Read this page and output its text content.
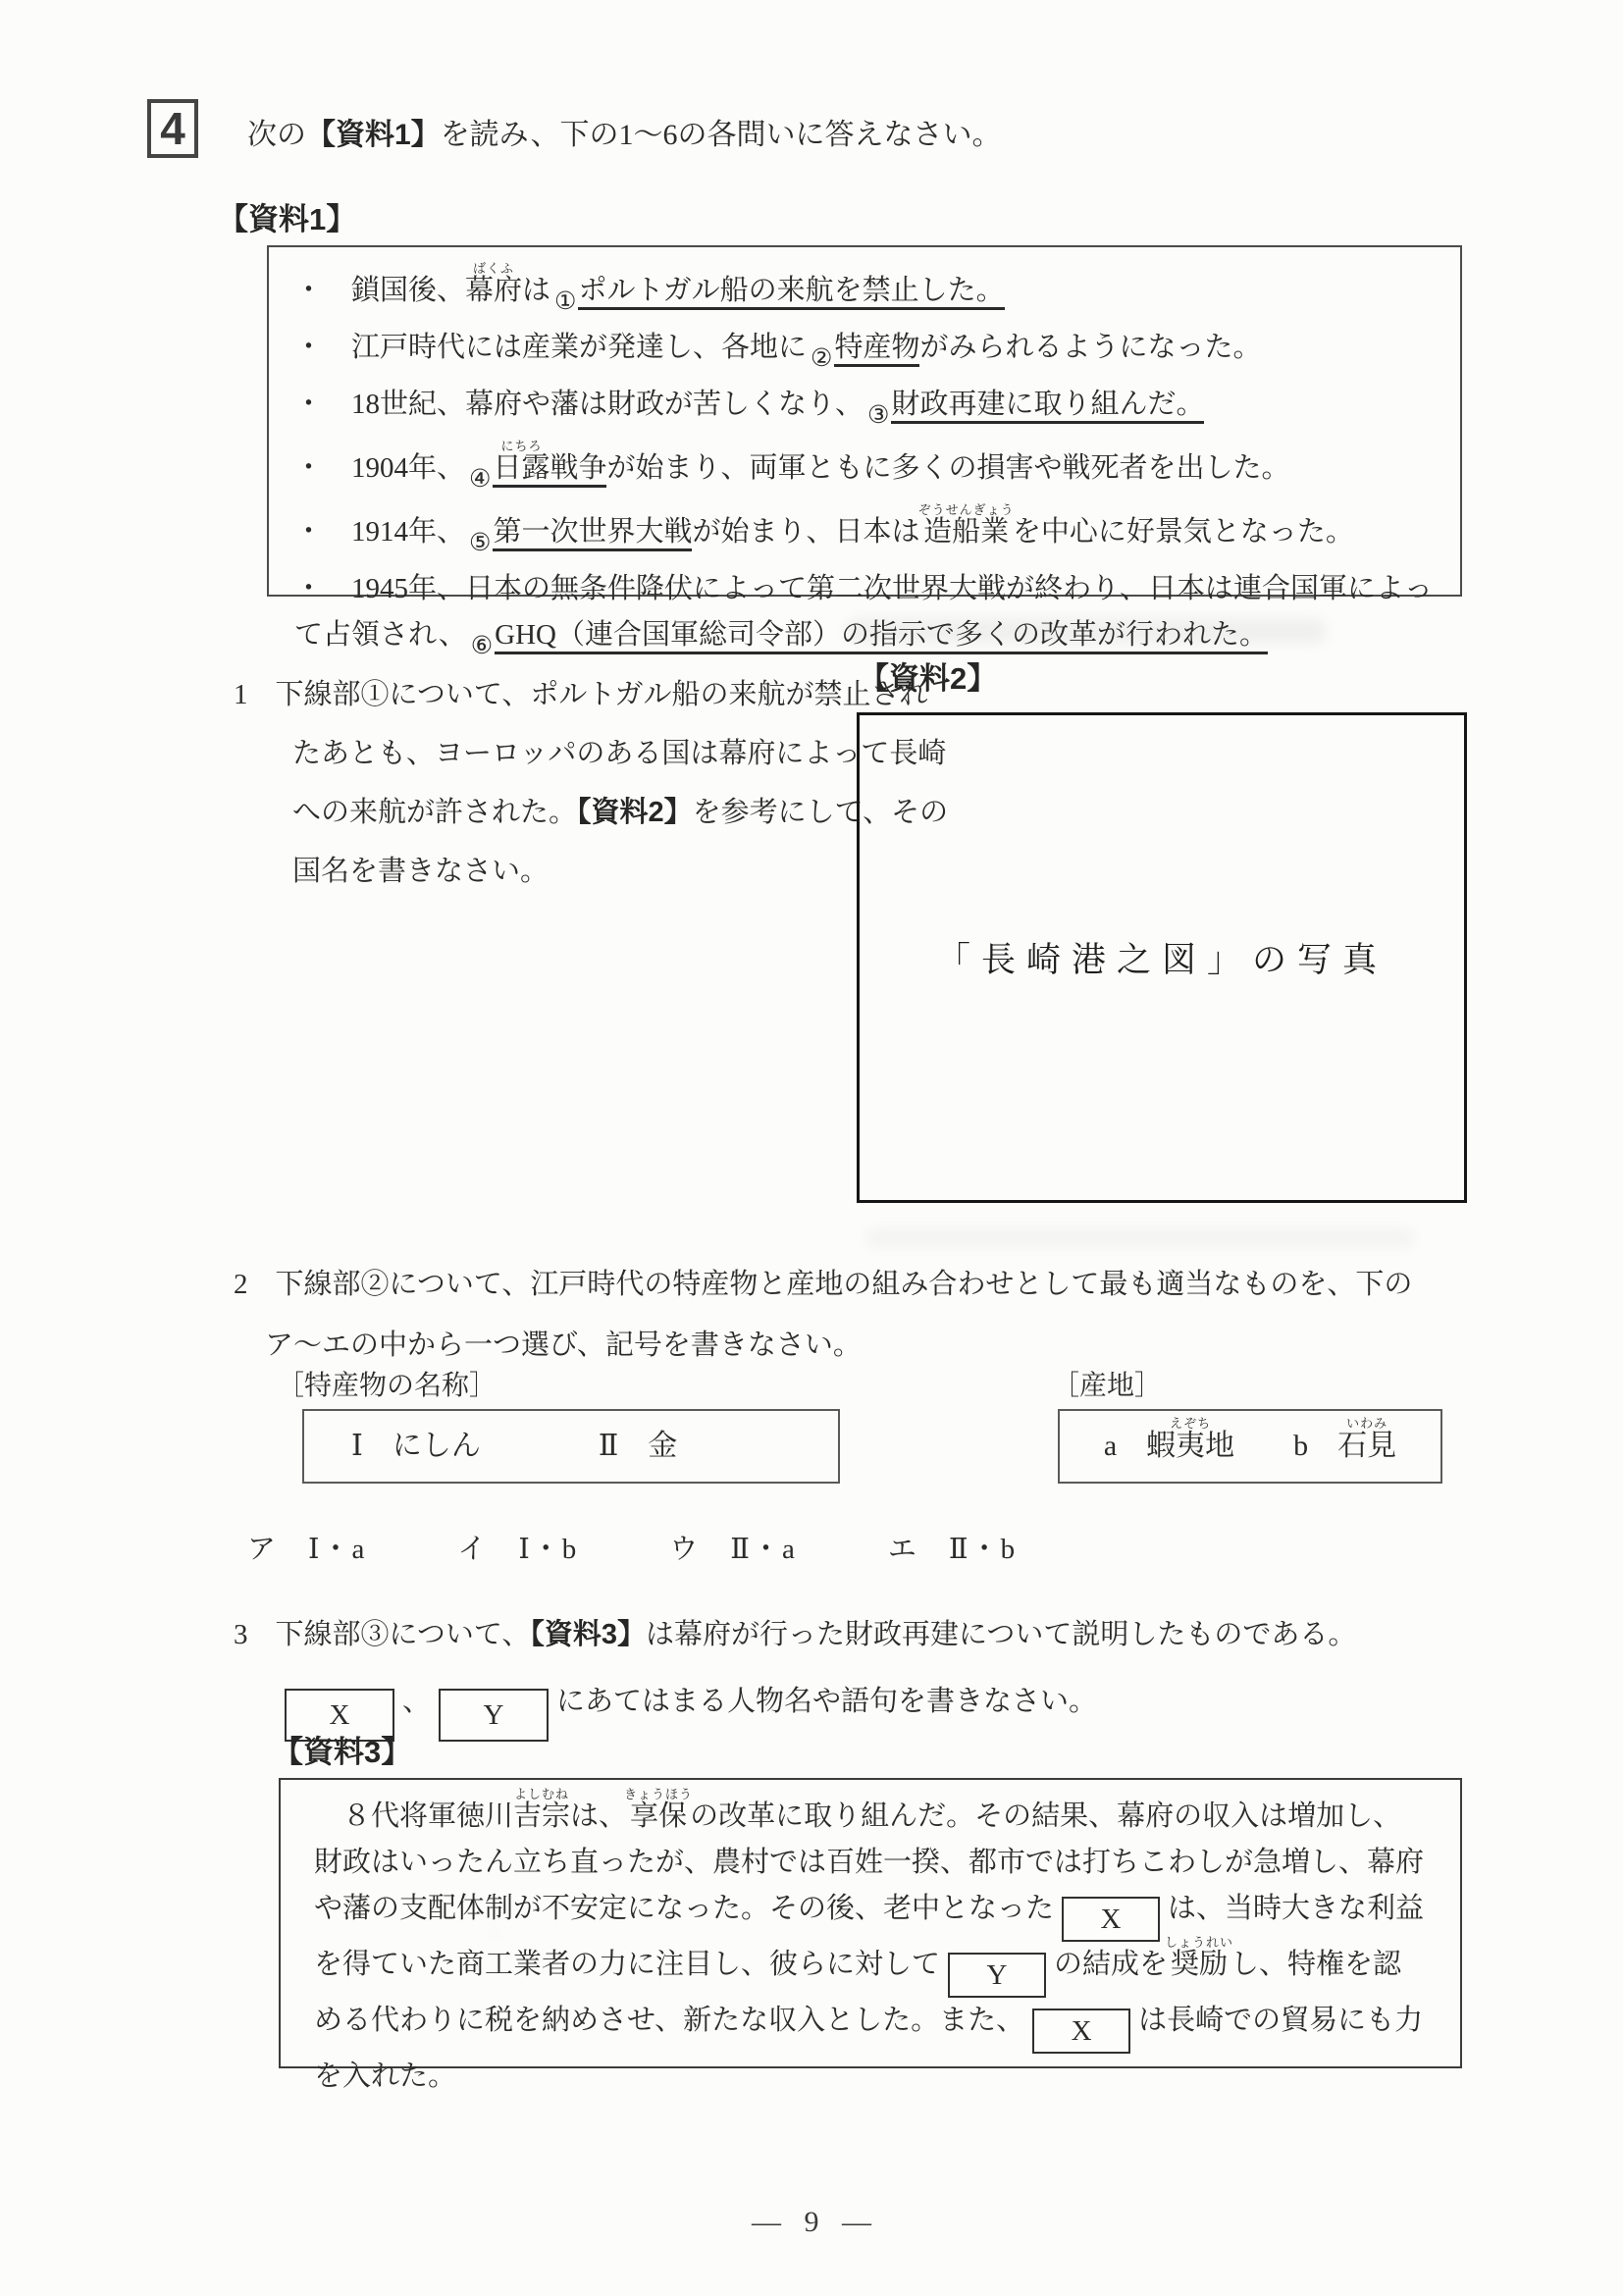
4	次の【資料1】を読み、下の1～6の各問いに答えなさい。
【資料1】
・　鎖国後、幕府ばくふは ①ポルトガル船の来航を禁止した。
・　江戸時代には産業が発達し、各地に ②特産物がみられるようになった。
・　18世紀、幕府や藩は財政が苦しくなり、 ③財政再建に取り組んだ。
・　1904年、 ④日露にちろ戦争が始まり、両軍ともに多くの損害や戦死者を出した。
・　1914年、 ⑤第一次世界大戦が始まり、日本は造船業ぞうせんぎょうを中心に好景気となった。
・　1945年、日本の無条件降伏によって第二次世界大戦が終わり、日本は連合国軍によって占領され、 ⑥GHQ（連合国軍総司令部）の指示で多くの改革が行われた。
1 下線部①について、ポルトガル船の来航が禁止されたあとも、ヨーロッパのある国は幕府によって長崎への来航が許された。【資料2】を参考にして、その国名を書きなさい。
【資料2】
「長崎港之図」の写真
2 下線部②について、江戸時代の特産物と産地の組み合わせとして最も適当なものを、下の
ア～エの中から一つ選び、記号を書きなさい。
［特産物の名称］
Ⅰ　にしん　　　　Ⅱ　金
［産地］
a　蝦夷地えぞち　　b　石見いわみ
ア　Ⅰ・a　　　イ　Ⅰ・b　　　ウ　Ⅱ・a　　　エ　Ⅱ・b
3 下線部③について、【資料3】は幕府が行った財政再建について説明したものである。
X 、 Y にあてはまる人物名や語句を書きなさい。
【資料3】
　８代将軍徳川吉宗よしむねは、享保きょうほうの改革に取り組んだ。その結果、幕府の収入は増加し、財政はいったん立ち直ったが、農村では百姓一揆、都市では打ちこわしが急増し、幕府や藩の支配体制が不安定になった。その後、老中となった X は、当時大きな利益を得ていた商工業者の力に注目し、彼らに対して Y の結成を奨励しょうれいし、特権を認める代わりに税を納めさせ、新たな収入とした。また、 X は長崎での貿易にも力を入れた。
— 9 —
